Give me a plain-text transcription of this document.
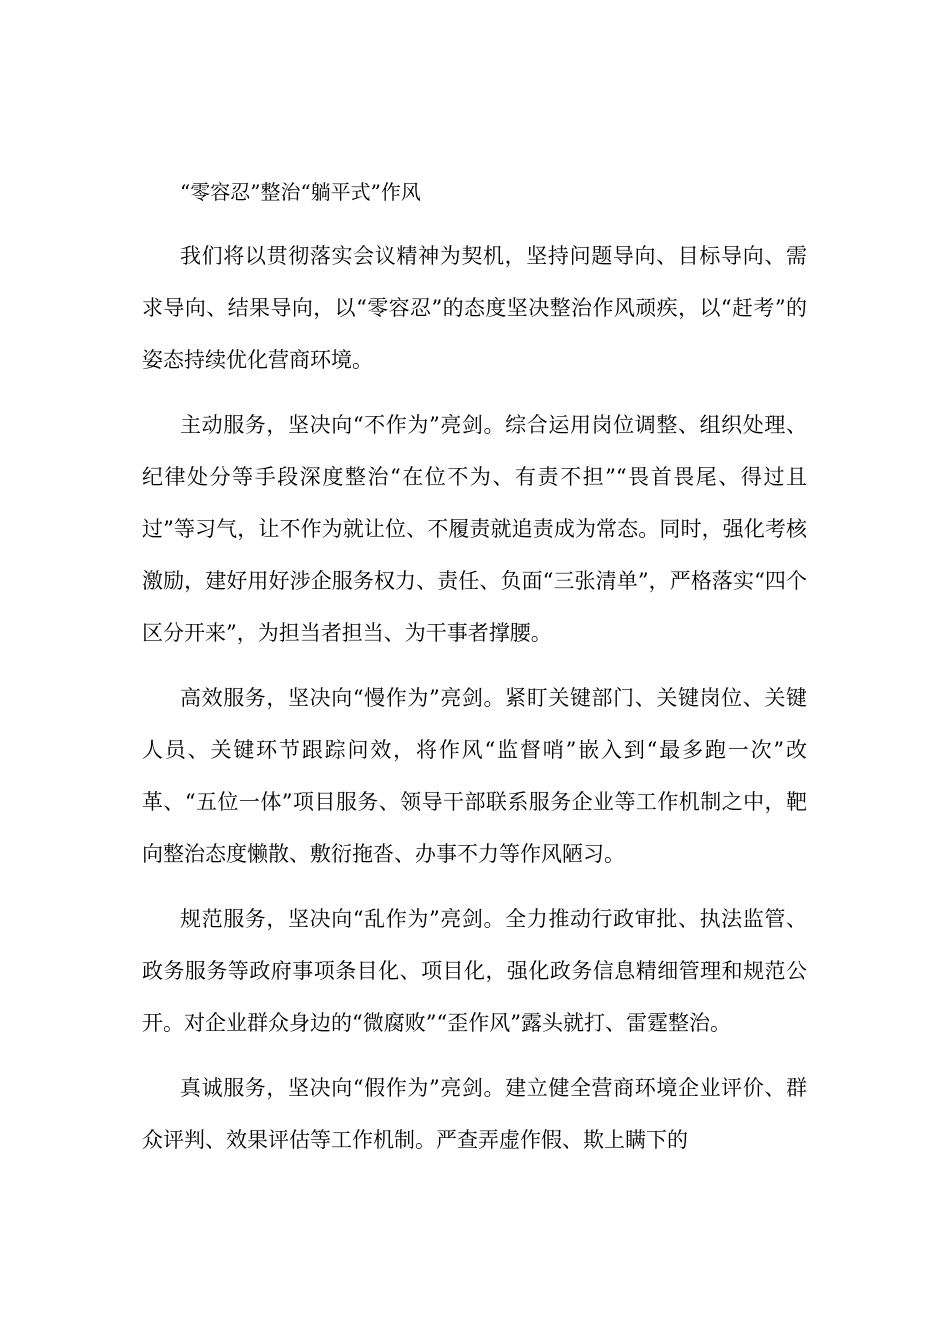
“零容忍”整治“躺平式”作风

我们将以贯彻落实会议精神为契机，坚持问题导向、目标导向、需求导向、结果导向，以“零容忍”的态度坚决整治作风顽疾，以“赶考”的姿态持续优化营商环境。

主动服务，坚决向“不作为”亮剑。综合运用岗位调整、组织处理、纪律处分等手段深度整治“在位不为、有责不担”“畏首畏尾、得过且过”等习气，让不作为就让位、不履责就追责成为常态。同时，强化考核激励，建好用好涉企服务权力、责任、负面“三张清单”，严格落实“四个区分开来”，为担当者担当、为干事者撑腰。

高效服务，坚决向“慢作为”亮剑。紧盯关键部门、关键岗位、关键人员、关键环节跟踪问效，将作风“监督哨”嵌入到“最多跑一次”改革、“五位一体”项目服务、领导干部联系服务企业等工作机制之中，靶向整治态度懒散、敷衍拖沓、办事不力等作风陋习。

规范服务，坚决向“乱作为”亮剑。全力推动行政审批、执法监管、政务服务等政府事项条目化、项目化，强化政务信息精细管理和规范公开。对企业群众身边的“微腐败”“歪作风”露头就打、雷霆整治。

真诚服务，坚决向“假作为”亮剑。建立健全营商环境企业评价、群众评判、效果评估等工作机制。严查弄虚作假、欺上瞒下的
